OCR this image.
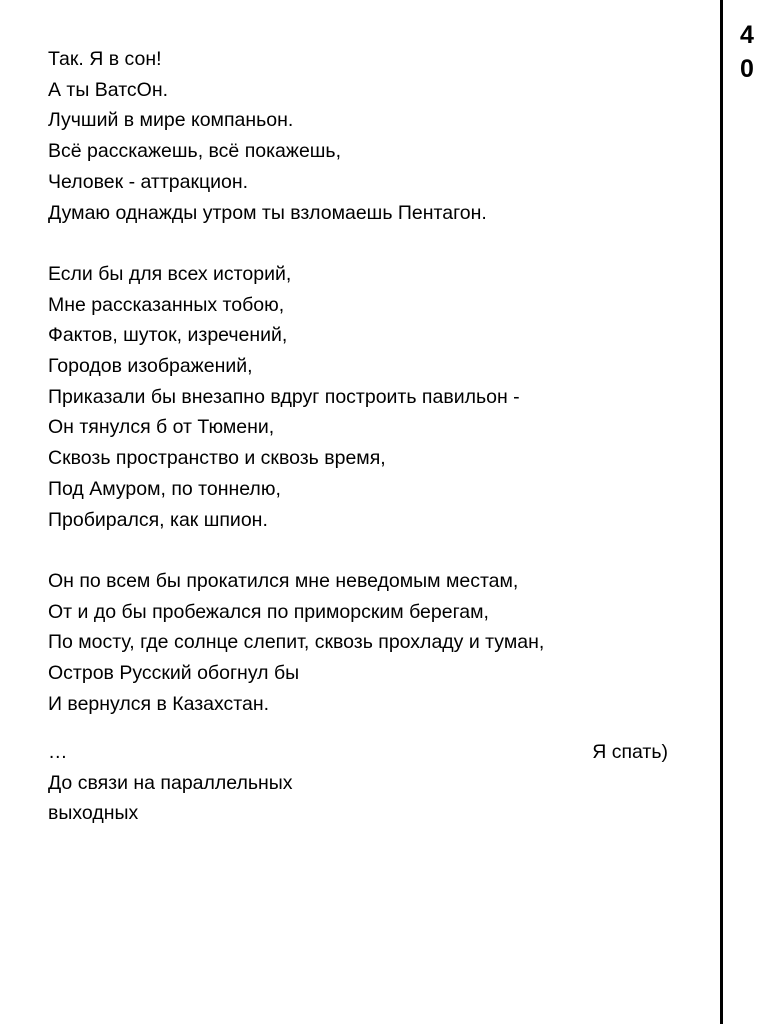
4
0
Так. Я в сон!
А ты ВатсОн.
Лучший в мире компаньон.
Всё расскажешь, всё покажешь,
Человек - аттракцион.
Думаю однажды утром ты взломаешь Пентагон.
Если бы для всех историй,
Мне рассказанных тобою,
Фактов, шуток, изречений,
Городов изображений,
Приказали бы внезапно вдруг построить павильон -
Он тянулся б от Тюмени,
Сквозь пространство и сквозь время,
Под Амуром, по тоннелю,
Пробирался, как шпион.
Он по всем бы прокатился мне неведомым местам,
От и до бы пробежался по приморским берегам,
По мосту, где солнце слепит, сквозь прохладу и туман,
Остров Русский обогнул бы
И вернулся в Казахстан.
…	Я спать)
До связи на параллельных
выходных
